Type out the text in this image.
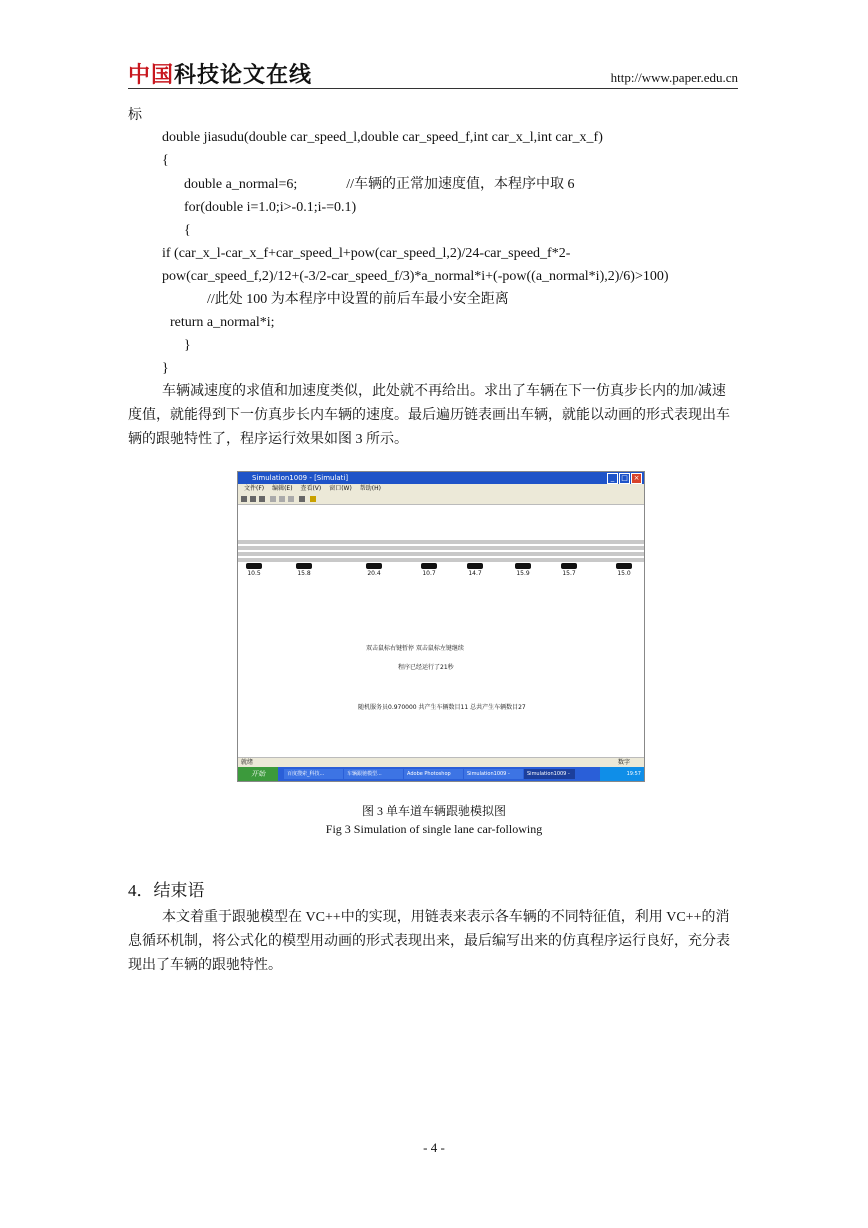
中国科技论文在线	http://www.paper.edu.cn
标
double jiasudu(double car_speed_l,double car_speed_f,int car_x_l,int car_x_f)
{
double a_normal=6;              //车辆的正常加速度值，本程序中取 6
for(double i=1.0;i>-0.1;i-=0.1)
{
if (car_x_l-car_x_f+car_speed_l+pow(car_speed_l,2)/24-car_speed_f*2-
pow(car_speed_f,2)/12+(-3/2-car_speed_f/3)*a_normal*i+(-pow((a_normal*i),2)/6)>100)
//此处 100 为本程序中设置的前后车最小安全距离
return a_normal*i;
}
}
车辆减速度的求值和加速度类似，此处就不再给出。求出了车辆在下一仿真步长内的加/减速度值，就能得到下一仿真步长内车辆的速度。最后遍历链表画出车辆，就能以动画的形式表现出车辆的跟驰特性了，程序运行效果如图 3 所示。
Simulation1009 - [Simulati]	_ □ ×
文件(F) 编辑(E) 查看(V) 窗口(W) 帮助(H)
10.5	15.8	20.4	10.7	14.7	15.9	15.7	15.0
双击鼠标右键暂停 双击鼠标左键继续
程序已经运行了21秒
随机服务员0.970000 共产生车辆数目11 总共产生车辆数目27
就绪	数字
开始	百度搜索_科技...	车辆跟驰模型...	Adobe Photoshop	Simulation1009 -	Simulation1009 -	19:57
图 3 单车道车辆跟驰模拟图
Fig 3 Simulation of single lane car-following
4．结束语
本文着重于跟驰模型在 VC++中的实现，用链表来表示各车辆的不同特征值，利用 VC++的消息循环机制，将公式化的模型用动画的形式表现出来，最后编写出来的仿真程序运行良好，充分表现出了车辆的跟驰特性。
- 4 -
